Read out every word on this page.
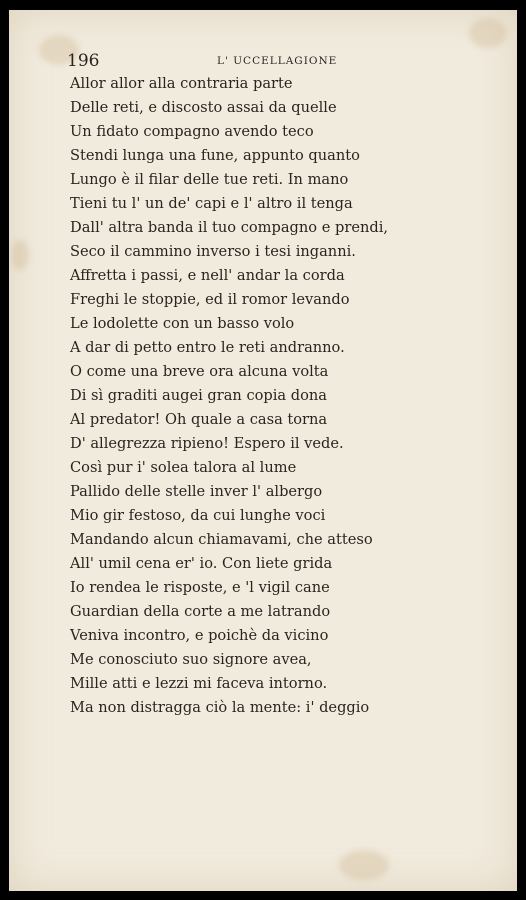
196	L' UCCELLAGIONE
Allor allor alla contraria parte
Delle reti, e discosto assai da quelle
Un fidato compagno avendo teco
Stendi lunga una fune, appunto quanto
Lungo è il filar delle tue reti. In mano
Tieni tu l' un de' capi e l' altro il tenga
Dall' altra banda il tuo compagno e prendi,
Seco il cammino inverso i tesi inganni.
Affretta i passi, e nell' andar la corda
Freghi le stoppie, ed il romor levando
Le lodolette con un basso volo
A dar di petto entro le reti andranno.
O come una breve ora alcuna volta
Di sì graditi augei gran copia dona
Al predator! Oh quale a casa torna
D' allegrezza ripieno! Espero il vede.
Così pur i' solea talora al lume
Pallido delle stelle inver l' albergo
Mio gir festoso, da cui lunghe voci
Mandando alcun chiamavami, che atteso
All' umil cena er' io. Con liete grida
Io rendea le risposte, e 'l vigil cane
Guardian della corte a me latrando
Veniva incontro, e poichè da vicino
Me conosciuto suo signore avea,
Mille atti e lezzi mi faceva intorno.
Ma non distragga ciò la mente: i' deggio
